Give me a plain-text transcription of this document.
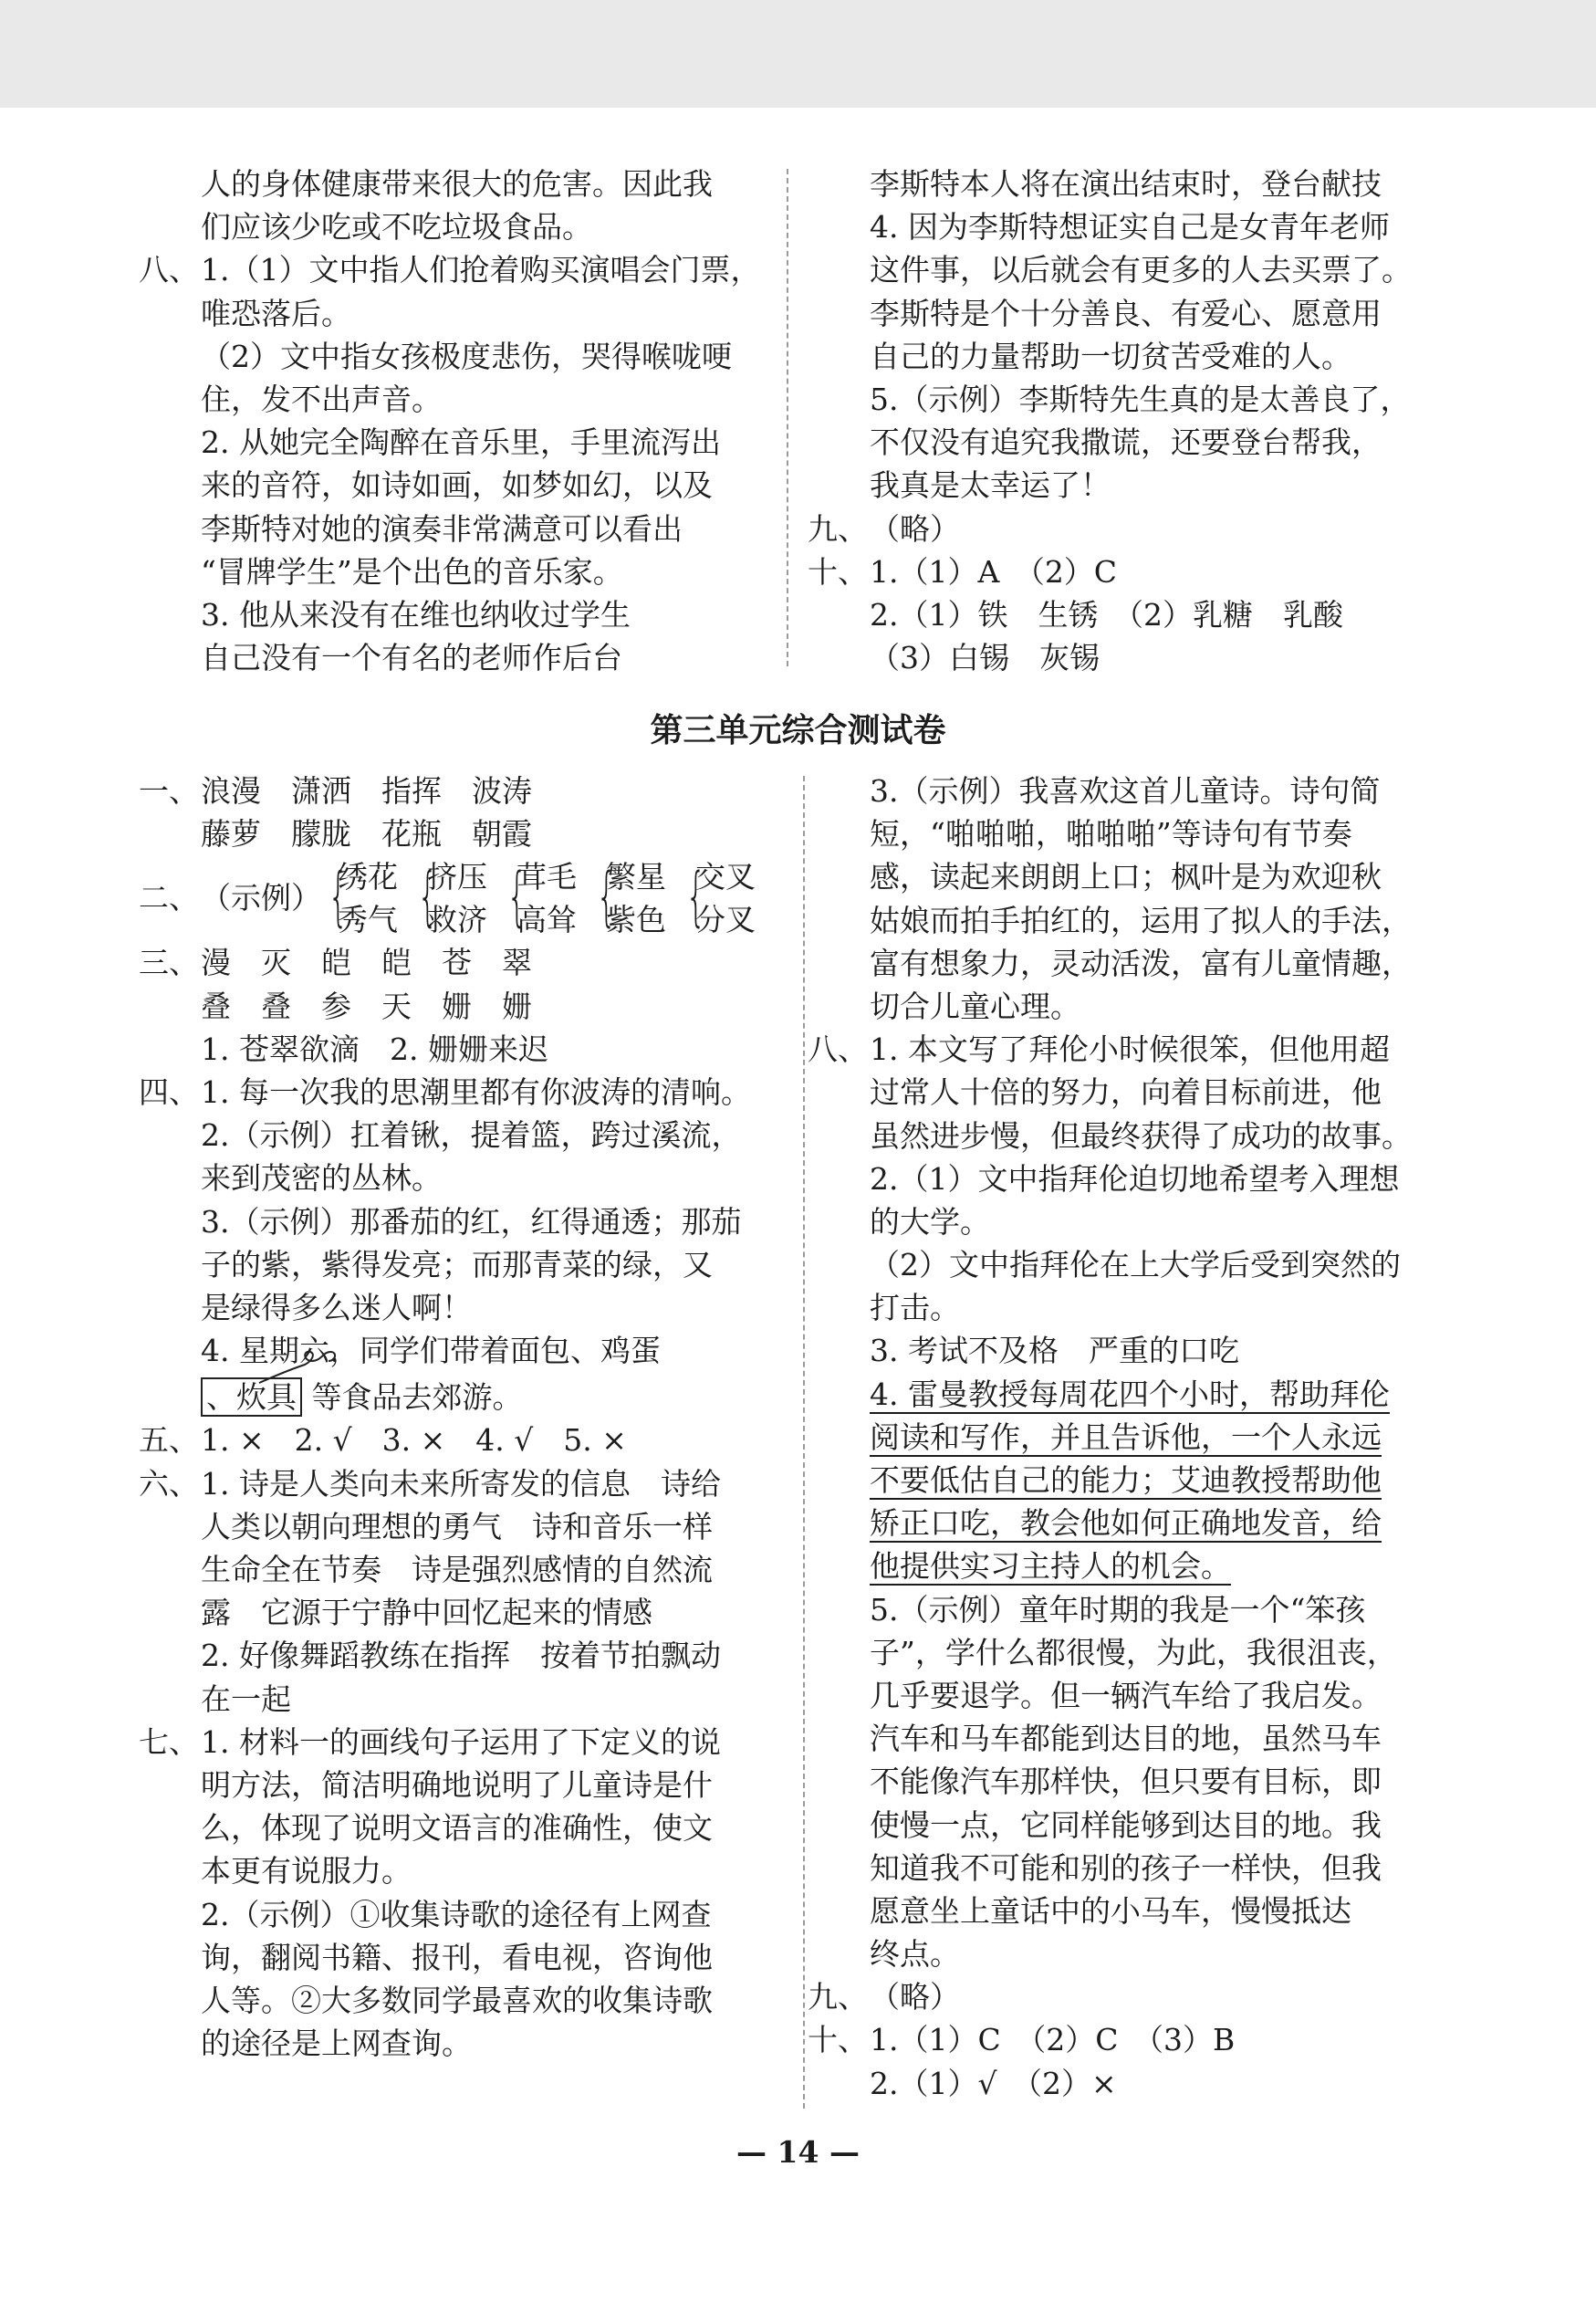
人的身体健康带来很大的危害。因此我
们应该少吃或不吃垃圾食品。
八、1.（1）文中指人们抢着购买演唱会门票，
唯恐落后。
（2）文中指女孩极度悲伤，哭得喉咙哽
住，发不出声音。
2. 从她完全陶醉在音乐里，手里流泻出
来的音符，如诗如画，如梦如幻，以及
李斯特对她的演奏非常满意可以看出
“冒牌学生”是个出色的音乐家。
3. 他从来没有在维也纳收过学生
自己没有一个有名的老师作后台
李斯特本人将在演出结束时，登台献技
4. 因为李斯特想证实自己是女青年老师
这件事，以后就会有更多的人去买票了。
李斯特是个十分善良、有爱心、愿意用
自己的力量帮助一切贫苦受难的人。
5.（示例）李斯特先生真的是太善良了，
不仅没有追究我撒谎，还要登台帮我，
我真是太幸运了！
九、（略）
十、1.（1）A　（2）C
2.（1）铁　生锈　（2）乳糖　乳酸
（3）白锡　灰锡
第三单元综合测试卷
一、浪漫　潇洒　指挥　波涛
藤萝　朦胧　花瓶　朝霞
二、（示例） {
绣花
秀气 {
挤压
救济 {
茸毛
高耸 {
繁星
紫色 {
交叉
分叉
三、漫　灭　皑　皑　苍　翠
叠　叠　参　天　姗　姗
1. 苍翠欲滴　2. 姗姗来迟
四、1. 每一次我的思潮里都有你波涛的清响。
2.（示例）扛着锹，提着篮，跨过溪流，
来到茂密的丛林。
3.（示例）那番茄的红，红得通透；那茄
子的紫，紫得发亮；而那青菜的绿，又
是绿得多么迷人啊！
4. 星期六，同学们带着面包、鸡蛋
、炊具 等食品去郊游。
五、1. ×　2. √　3. ×　4. √　5. ×
六、1. 诗是人类向未来所寄发的信息　诗给
人类以朝向理想的勇气　诗和音乐一样
生命全在节奏　诗是强烈感情的自然流
露　它源于宁静中回忆起来的情感
2. 好像舞蹈教练在指挥　按着节拍飘动
在一起
七、1. 材料一的画线句子运用了下定义的说
明方法，简洁明确地说明了儿童诗是什
么，体现了说明文语言的准确性，使文
本更有说服力。
2.（示例）①收集诗歌的途径有上网查
询，翻阅书籍、报刊，看电视，咨询他
人等。②大多数同学最喜欢的收集诗歌
的途径是上网查询。
3.（示例）我喜欢这首儿童诗。诗句简
短，“啪啪啪，啪啪啪”等诗句有节奏
感，读起来朗朗上口；枫叶是为欢迎秋
姑娘而拍手拍红的，运用了拟人的手法，
富有想象力，灵动活泼，富有儿童情趣，
切合儿童心理。
八、1. 本文写了拜伦小时候很笨，但他用超
过常人十倍的努力，向着目标前进，他
虽然进步慢，但最终获得了成功的故事。
2.（1）文中指拜伦迫切地希望考入理想
的大学。
（2）文中指拜伦在上大学后受到突然的
打击。
3. 考试不及格　严重的口吃
4. 雷曼教授每周花四个小时，帮助拜伦
阅读和写作，并且告诉他，一个人永远
不要低估自己的能力；艾迪教授帮助他
矫正口吃，教会他如何正确地发音，给
他提供实习主持人的机会。
5.（示例）童年时期的我是一个“笨孩
子”，学什么都很慢，为此，我很沮丧，
几乎要退学。但一辆汽车给了我启发。
汽车和马车都能到达目的地，虽然马车
不能像汽车那样快，但只要有目标，即
使慢一点，它同样能够到达目的地。我
知道我不可能和别的孩子一样快，但我
愿意坐上童话中的小马车，慢慢抵达
终点。
九、（略）
十、1.（1）C　（2）C　（3）B
2.（1）√　（2）×
— 14 —
